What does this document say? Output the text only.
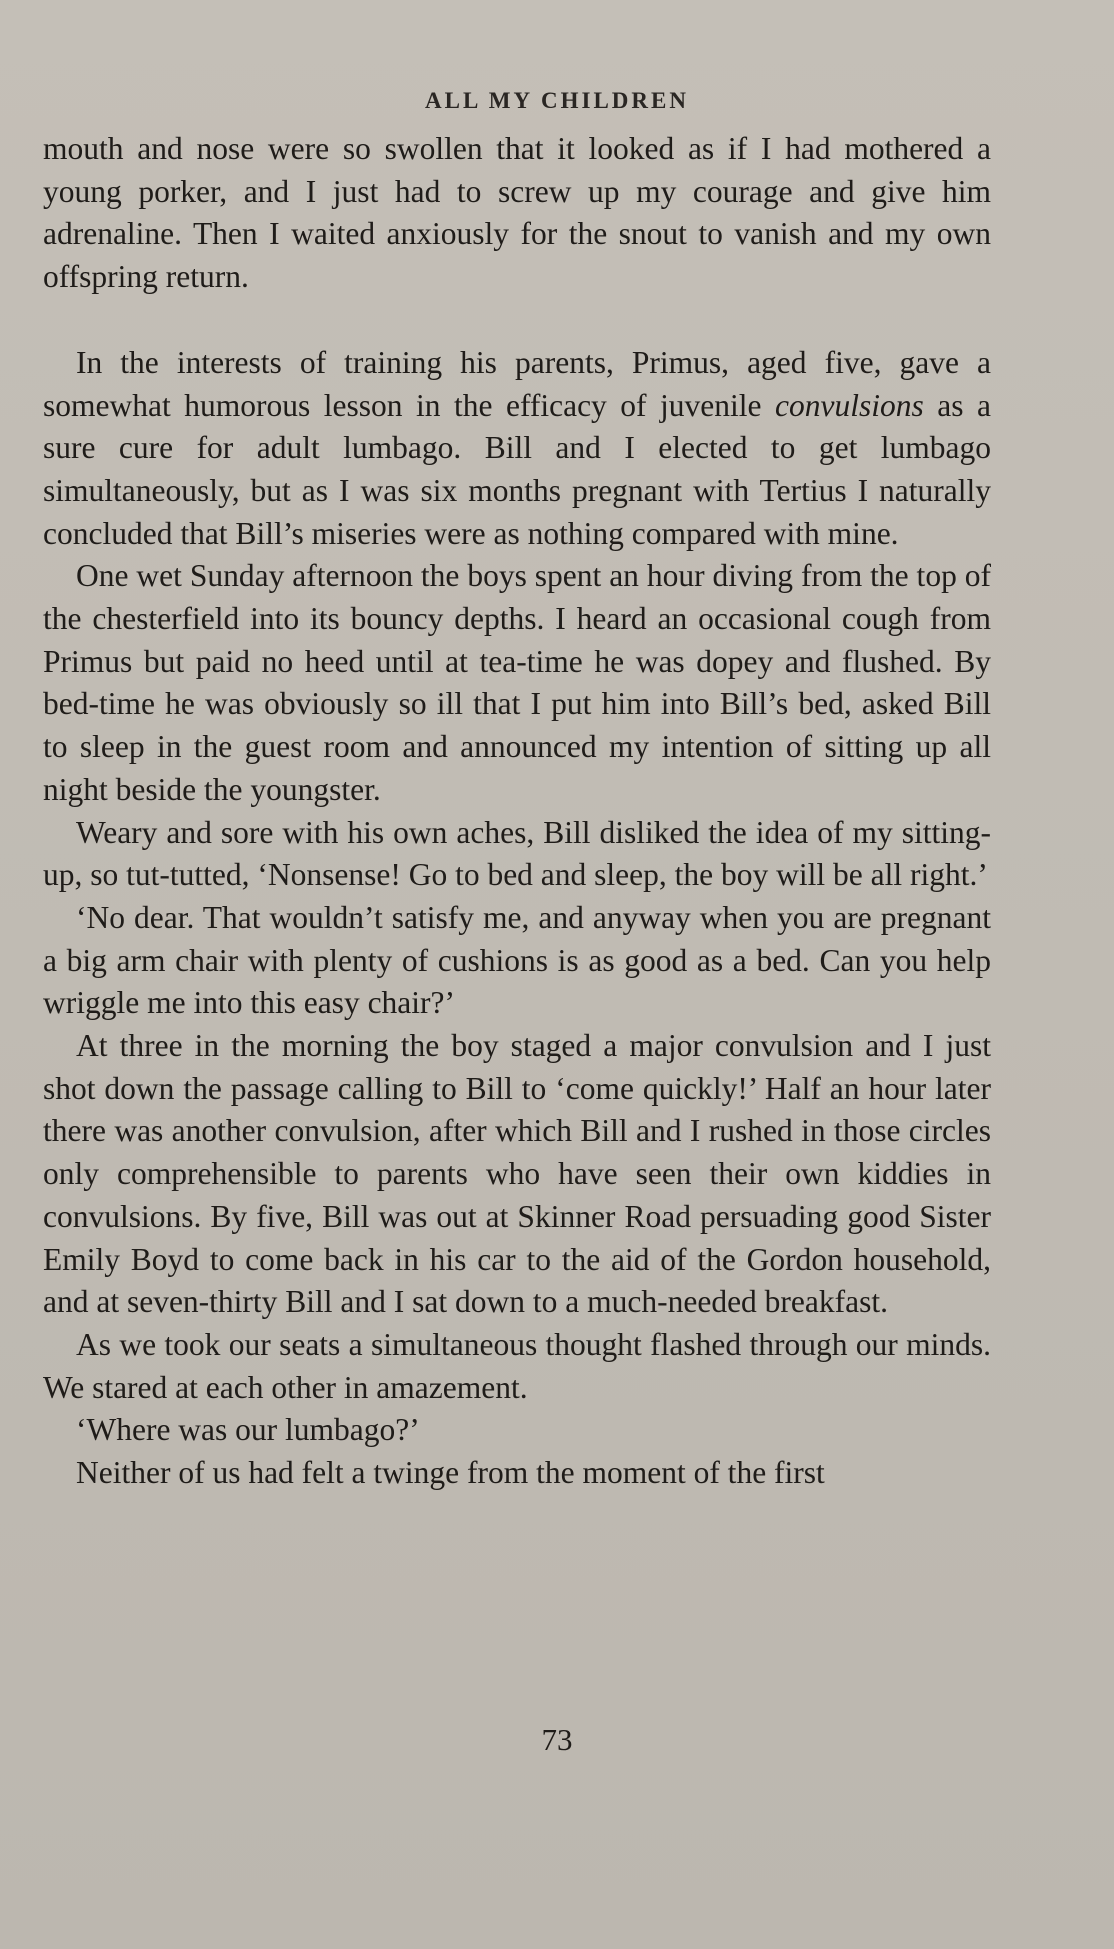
ALL MY CHILDREN

mouth and nose were so swollen that it looked as if I had mothered a young porker, and I just had to screw up my courage and give him adrenaline. Then I waited anxiously for the snout to vanish and my own offspring return.

In the interests of training his parents, Primus, aged five, gave a somewhat humorous lesson in the efficacy of juvenile convulsions as a sure cure for adult lumbago. Bill and I elected to get lumbago simultaneously, but as I was six months pregnant with Tertius I naturally concluded that Bill’s miseries were as nothing compared with mine.

One wet Sunday afternoon the boys spent an hour diving from the top of the chesterfield into its bouncy depths. I heard an occasional cough from Primus but paid no heed until at tea-time he was dopey and flushed. By bed-time he was obviously so ill that I put him into Bill’s bed, asked Bill to sleep in the guest room and announced my intention of sitting up all night beside the youngster.

Weary and sore with his own aches, Bill disliked the idea of my sitting-up, so tut-tutted, ‘Nonsense! Go to bed and sleep, the boy will be all right.’

‘No dear. That wouldn’t satisfy me, and anyway when you are pregnant a big arm chair with plenty of cushions is as good as a bed. Can you help wriggle me into this easy chair?’

At three in the morning the boy staged a major convulsion and I just shot down the passage calling to Bill to ‘come quickly!’ Half an hour later there was another convulsion, after which Bill and I rushed in those circles only comprehensible to parents who have seen their own kiddies in convulsions. By five, Bill was out at Skinner Road persuading good Sister Emily Boyd to come back in his car to the aid of the Gordon household, and at seven-thirty Bill and I sat down to a much-needed breakfast.

As we took our seats a simultaneous thought flashed through our minds. We stared at each other in amazement.

‘Where was our lumbago?’

Neither of us had felt a twinge from the moment of the first

73
